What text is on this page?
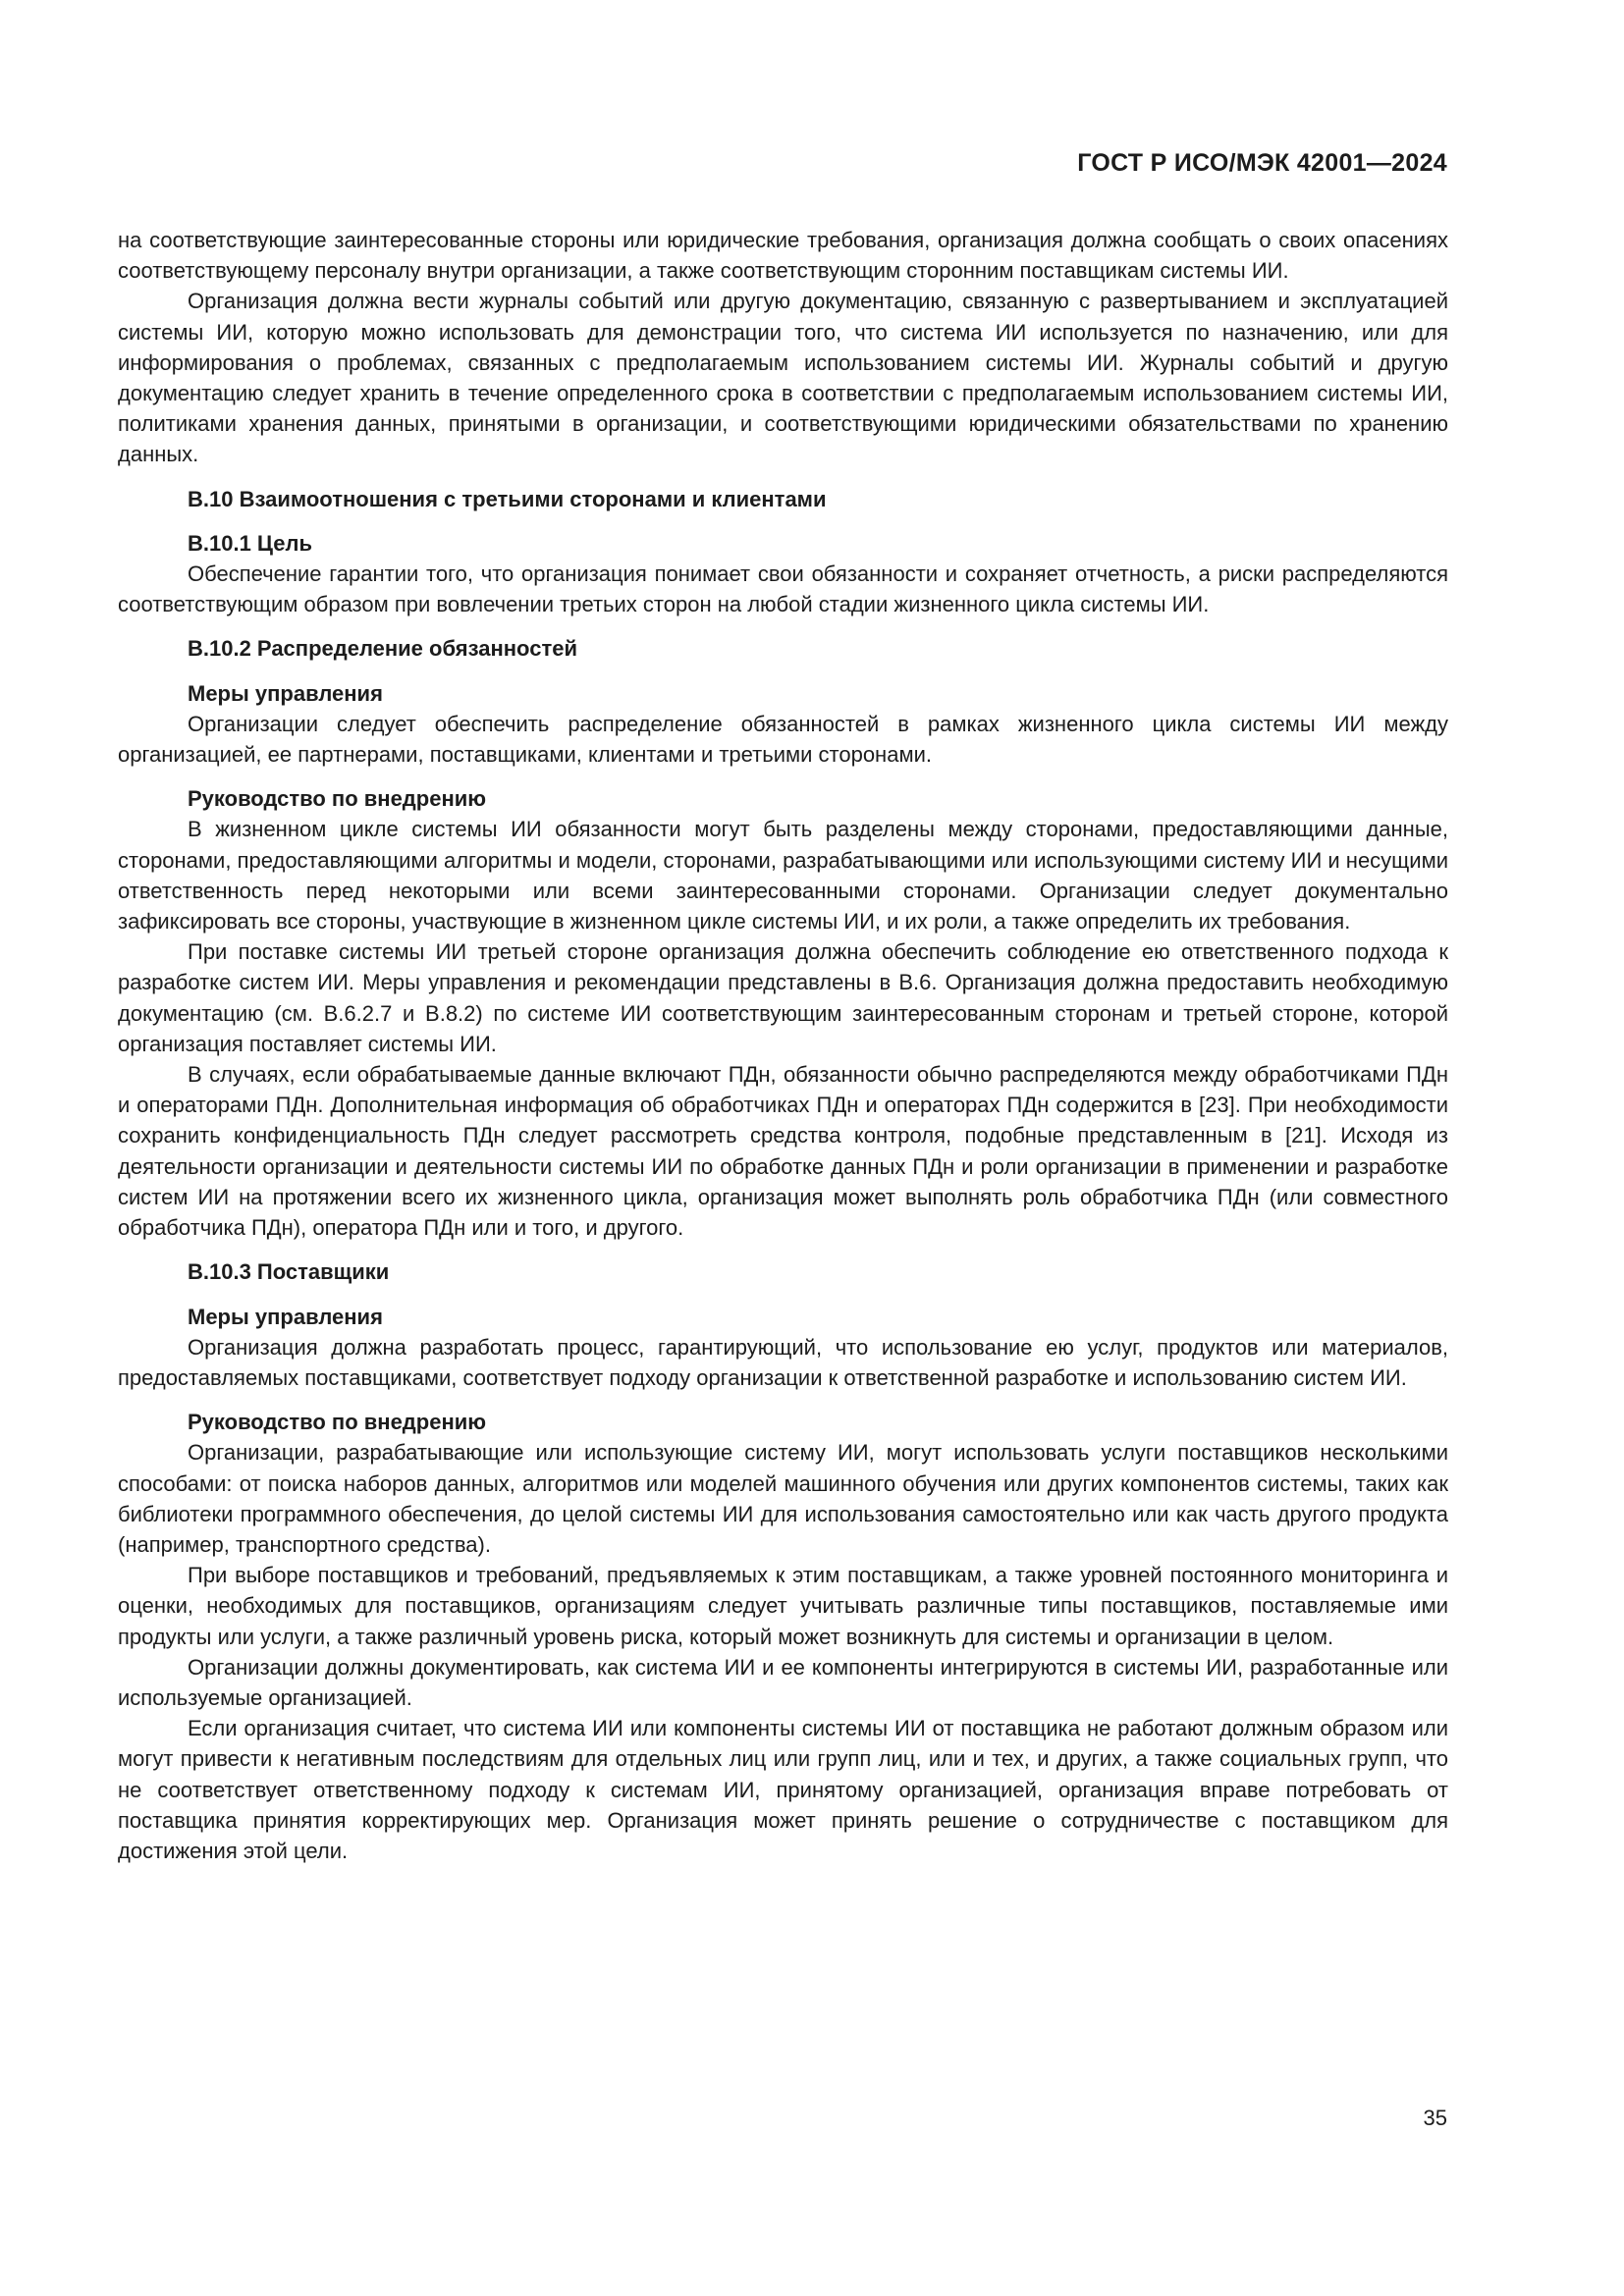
ГОСТ Р ИСО/МЭК 42001—2024

на соответствующие заинтересованные стороны или юридические требования, организация должна сообщать о своих опасениях соответствующему персоналу внутри организации, а также соответствующим сторонним поставщикам системы ИИ.

Организация должна вести журналы событий или другую документацию, связанную с развертыванием и эксплуатацией системы ИИ, которую можно использовать для демонстрации того, что система ИИ используется по назначению, или для информирования о проблемах, связанных с предполагаемым использованием системы ИИ. Журналы событий и другую документацию следует хранить в течение определенного срока в соответствии с предполагаемым использованием системы ИИ, политиками хранения данных, принятыми в организации, и соответствующими юридическими обязательствами по хранению данных.

В.10 Взаимоотношения с третьими сторонами и клиентами

В.10.1 Цель

Обеспечение гарантии того, что организация понимает свои обязанности и сохраняет отчетность, а риски распределяются соответствующим образом при вовлечении третьих сторон на любой стадии жизненного цикла системы ИИ.

В.10.2 Распределение обязанностей

Меры управления

Организации следует обеспечить распределение обязанностей в рамках жизненного цикла системы ИИ между организацией, ее партнерами, поставщиками, клиентами и третьими сторонами.

Руководство по внедрению

В жизненном цикле системы ИИ обязанности могут быть разделены между сторонами, предоставляющими данные, сторонами, предоставляющими алгоритмы и модели, сторонами, разрабатывающими или использующими систему ИИ и несущими ответственность перед некоторыми или всеми заинтересованными сторонами. Организации следует документально зафиксировать все стороны, участвующие в жизненном цикле системы ИИ, и их роли, а также определить их требования.

При поставке системы ИИ третьей стороне организация должна обеспечить соблюдение ею ответственного подхода к разработке систем ИИ. Меры управления и рекомендации представлены в В.6. Организация должна предоставить необходимую документацию (см. В.6.2.7 и В.8.2) по системе ИИ соответствующим заинтересованным сторонам и третьей стороне, которой организация поставляет системы ИИ.

В случаях, если обрабатываемые данные включают ПДн, обязанности обычно распределяются между обработчиками ПДн и операторами ПДн. Дополнительная информация об обработчиках ПДн и операторах ПДн содержится в [23]. При необходимости сохранить конфиденциальность ПДн следует рассмотреть средства контроля, подобные представленным в [21]. Исходя из деятельности организации и деятельности системы ИИ по обработке данных ПДн и роли организации в применении и разработке систем ИИ на протяжении всего их жизненного цикла, организация может выполнять роль обработчика ПДн (или совместного обработчика ПДн), оператора ПДн или и того, и другого.

В.10.3 Поставщики

Меры управления

Организация должна разработать процесс, гарантирующий, что использование ею услуг, продуктов или материалов, предоставляемых поставщиками, соответствует подходу организации к ответственной разработке и использованию систем ИИ.

Руководство по внедрению

Организации, разрабатывающие или использующие систему ИИ, могут использовать услуги поставщиков несколькими способами: от поиска наборов данных, алгоритмов или моделей машинного обучения или других компонентов системы, таких как библиотеки программного обеспечения, до целой системы ИИ для использования самостоятельно или как часть другого продукта (например, транспортного средства).

При выборе поставщиков и требований, предъявляемых к этим поставщикам, а также уровней постоянного мониторинга и оценки, необходимых для поставщиков, организациям следует учитывать различные типы поставщиков, поставляемые ими продукты или услуги, а также различный уровень риска, который может возникнуть для системы и организации в целом.

Организации должны документировать, как система ИИ и ее компоненты интегрируются в системы ИИ, разработанные или используемые организацией.

Если организация считает, что система ИИ или компоненты системы ИИ от поставщика не работают должным образом или могут привести к негативным последствиям для отдельных лиц или групп лиц, или и тех, и других, а также социальных групп, что не соответствует ответственному подходу к системам ИИ, принятому организацией, организация вправе потребовать от поставщика принятия корректирующих мер. Организация может принять решение о сотрудничестве с поставщиком для достижения этой цели.

35
